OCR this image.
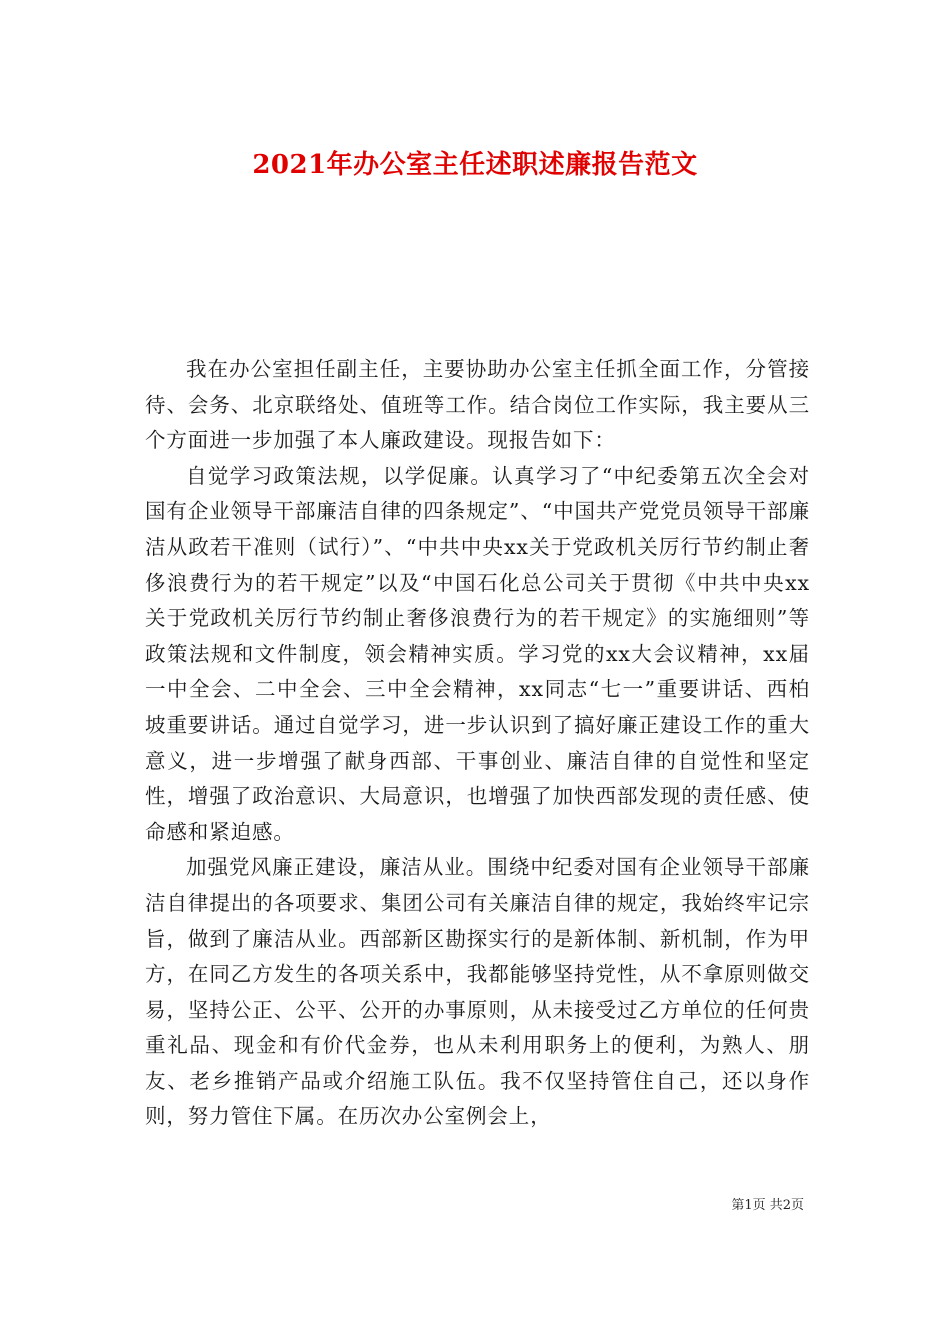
2021年办公室主任述职述廉报告范文

我在办公室担任副主任，主要协助办公室主任抓全面工作，分管接待、会务、北京联络处、值班等工作。结合岗位工作实际，我主要从三个方面进一步加强了本人廉政建设。现报告如下：

自觉学习政策法规，以学促廉。认真学习了“中纪委第五次全会对国有企业领导干部廉洁自律的四条规定”、“中国共产党党员领导干部廉洁从政若干准则（试行）”、“中共中央xx关于党政机关厉行节约制止奢侈浪费行为的若干规定”以及“中国石化总公司关于贯彻《中共中央xx关于党政机关厉行节约制止奢侈浪费行为的若干规定》的实施细则”等政策法规和文件制度，领会精神实质。学习党的xx大会议精神，xx届一中全会、二中全会、三中全会精神，xx同志“七一”重要讲话、西柏坡重要讲话。通过自觉学习，进一步认识到了搞好廉正建设工作的重大意义，进一步增强了献身西部、干事创业、廉洁自律的自觉性和坚定性，增强了政治意识、大局意识，也增强了加快西部发现的责任感、使命感和紧迫感。

加强党风廉正建设，廉洁从业。围绕中纪委对国有企业领导干部廉洁自律提出的各项要求、集团公司有关廉洁自律的规定，我始终牢记宗旨，做到了廉洁从业。西部新区勘探实行的是新体制、新机制，作为甲方，在同乙方发生的各项关系中，我都能够坚持党性，从不拿原则做交易，坚持公正、公平、公开的办事原则，从未接受过乙方单位的任何贵重礼品、现金和有价代金券，也从未利用职务上的便利，为熟人、朋友、老乡推销产品或介绍施工队伍。我不仅坚持管住自己，还以身作则，努力管住下属。在历次办公室例会上，

第1页 共2页
